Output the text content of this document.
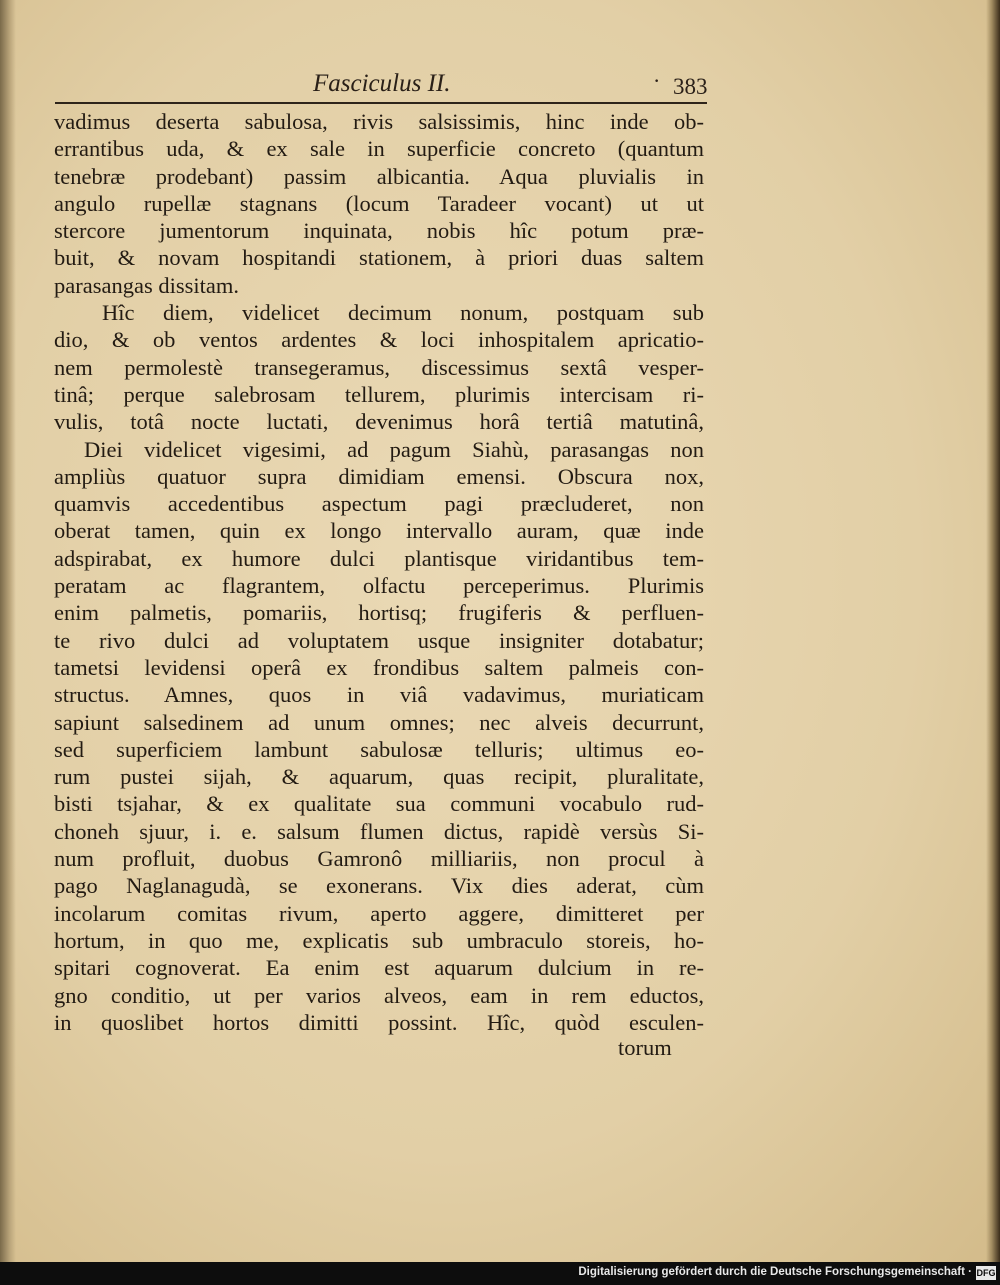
Fasciculus II.	· 383
vadimus deserta sabulosa, rivis salsissimis, hinc inde ob-
errantibus uda, & ex sale in superficie concreto (quantum
tenebræ prodebant) passim albicantia. Aqua pluvialis in
angulo rupellæ stagnans (locum Taradeer vocant) ut ut
stercore jumentorum inquinata, nobis hîc potum præ-
buit, & novam hospitandi stationem, à priori duas saltem
parasangas dissitam.
Hîc diem, videlicet decimum nonum, postquam sub
dio, & ob ventos ardentes & loci inhospitalem apricatio-
nem permolestè transegeramus, discessimus sextâ vesper-
tinâ; perque salebrosam tellurem, plurimis intercisam ri-
vulis, totâ nocte luctati, devenimus horâ tertiâ matutinâ,
Diei videlicet vigesimi, ad pagum Siahù, parasangas non
ampliùs quatuor supra dimidiam emensi. Obscura nox,
quamvis accedentibus aspectum pagi præcluderet, non
oberat tamen, quin ex longo intervallo auram, quæ inde
adspirabat, ex humore dulci plantisque viridantibus tem-
peratam ac flagrantem, olfactu perceperimus. Plurimis
enim palmetis, pomariis, hortisq; frugiferis & perfluen-
te rivo dulci ad voluptatem usque insigniter dotabatur;
tametsi levidensi operâ ex frondibus saltem palmeis con-
structus. Amnes, quos in viâ vadavimus, muriaticam
sapiunt salsedinem ad unum omnes; nec alveis decurrunt,
sed superficiem lambunt sabulosæ telluris; ultimus eo-
rum pustei sijah, & aquarum, quas recipit, pluralitate,
bisti tsjahar, & ex qualitate sua communi vocabulo rud-
choneh sjuur, i. e. salsum flumen dictus, rapidè versùs Si-
num profluit, duobus Gamronô milliariis, non procul à
pago Naglanagudà, se exonerans. Vix dies aderat, cùm
incolarum comitas rivum, aperto aggere, dimitteret per
hortum, in quo me, explicatis sub umbraculo storeis, ho-
spitari cognoverat. Ea enim est aquarum dulcium in re-
gno conditio, ut per varios alveos, eam in rem eductos,
in quoslibet hortos dimitti possint. Hîc, quòd esculen-
torum
Digitalisierung gefördert durch die Deutsche Forschungsgemeinschaft · DFG
